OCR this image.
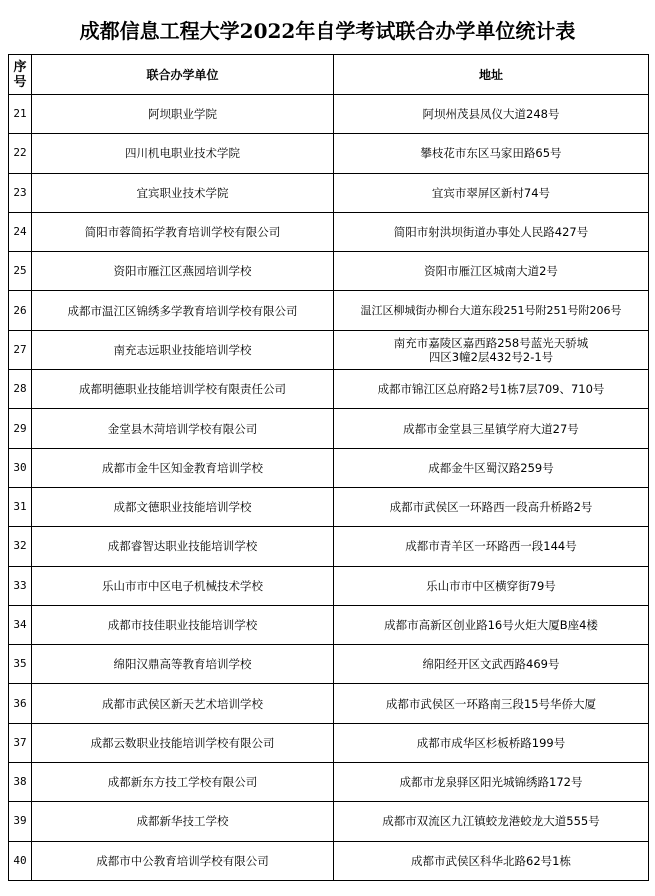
成都信息工程大学2022年自学考试联合办学单位统计表
序
号	联合办学单位	地址
21	阿坝职业学院	阿坝州茂县凤仪大道248号

22	四川机电职业技术学院	攀枝花市东区马家田路65号

23	宜宾职业技术学院	宜宾市翠屏区新村74号

24	简阳市蓉简拓学教育培训学校有限公司	简阳市射洪坝街道办事处人民路427号

25	资阳市雁江区燕园培训学校	资阳市雁江区城南大道2号

26	成都市温江区锦绣多学教育培训学校有限公司	温江区柳城街办柳台大道东段251号附251号附206号

27	南充志远职业技能培训学校	南充市嘉陵区嘉西路258号蓝光天骄城
四区3幢2层432号2-1号

28	成都明德职业技能培训学校有限责任公司	成都市锦江区总府路2号1栋7层709、710号

29	金堂县木菏培训学校有限公司	成都市金堂县三星镇学府大道27号

30	成都市金牛区知金教育培训学校	成都金牛区蜀汉路259号

31	成都文德职业技能培训学校	成都市武侯区一环路西一段高升桥路2号

32	成都睿智达职业技能培训学校	成都市青羊区一环路西一段144号

33	乐山市市中区电子机械技术学校	乐山市市中区横穿街79号

34	成都市技佳职业技能培训学校	成都市高新区创业路16号火炬大厦B座4楼

35	绵阳汉鼎高等教育培训学校	绵阳经开区文武西路469号

36	成都市武侯区新天艺术培训学校	成都市武侯区一环路南三段15号华侨大厦

37	成都云数职业技能培训学校有限公司	成都市成华区杉板桥路199号

38	成都新东方技工学校有限公司	成都市龙泉驿区阳光城锦绣路172号

39	成都新华技工学校	成都市双流区九江镇蛟龙港蛟龙大道555号

40	成都市中公教育培训学校有限公司	成都市武侯区科华北路62号1栋
